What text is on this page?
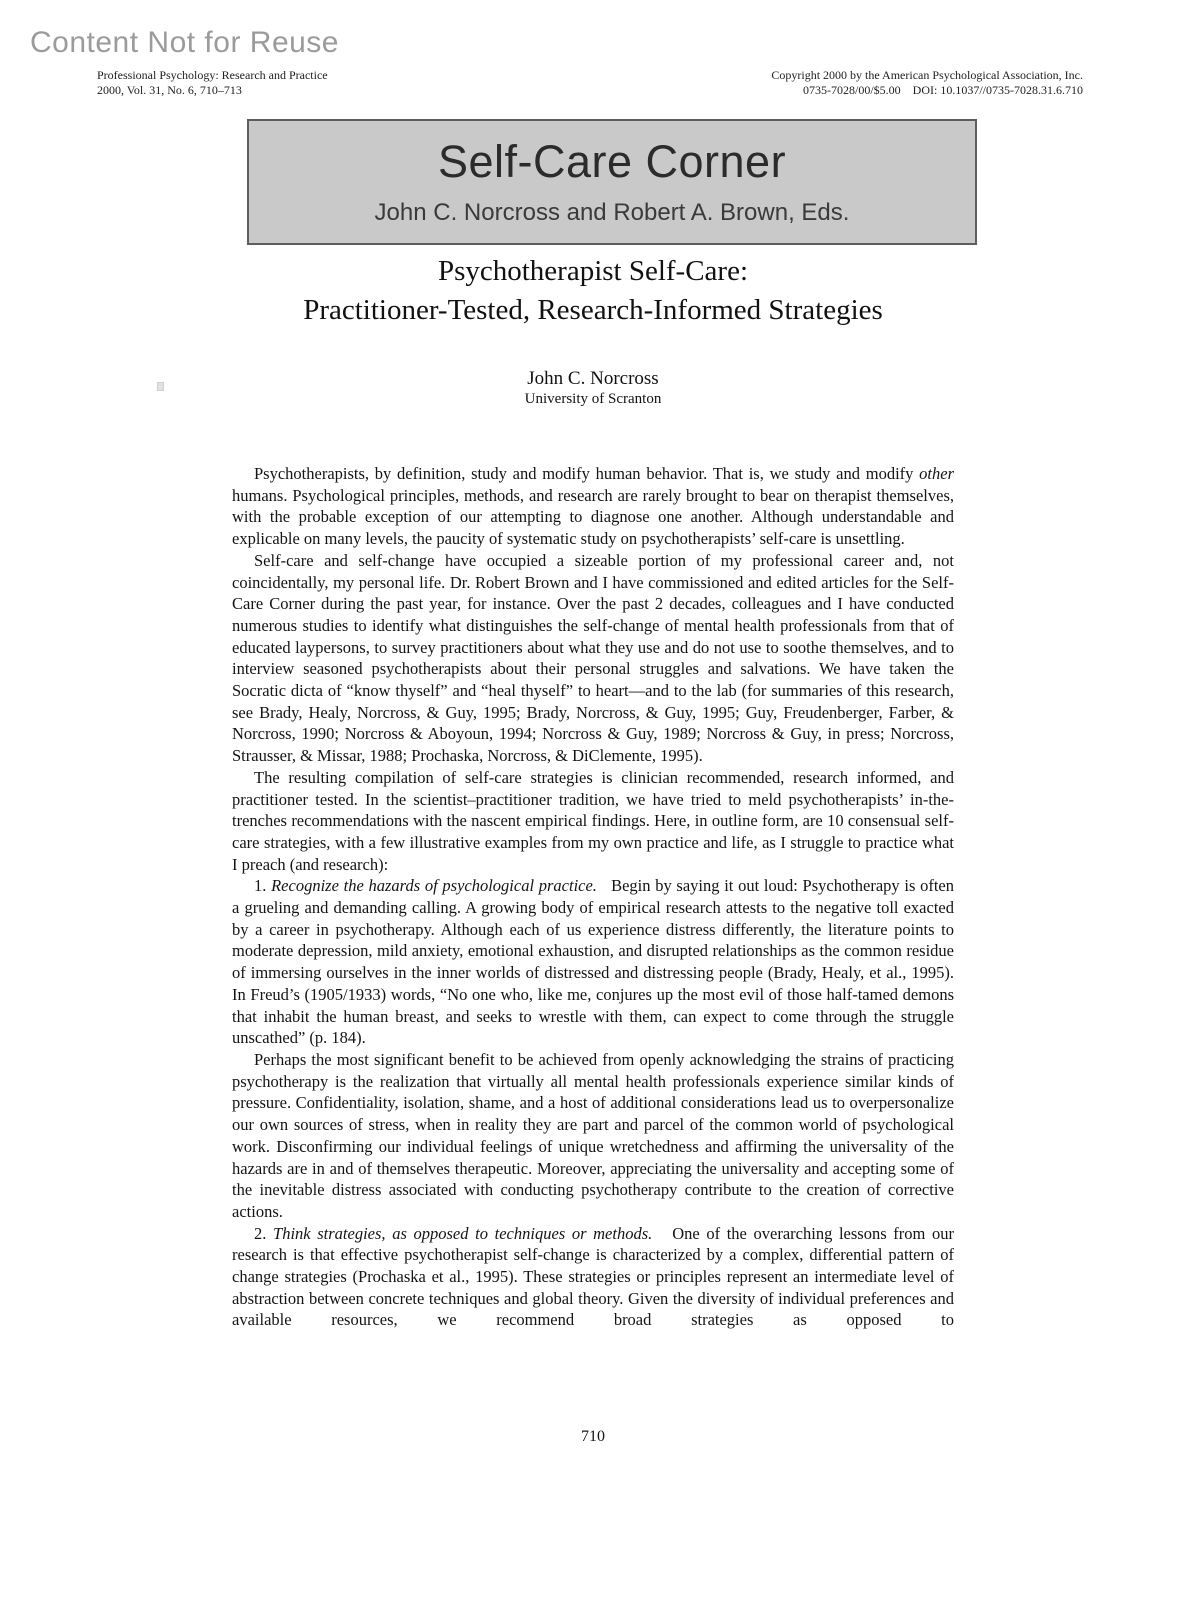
Content Not for Reuse
Professional Psychology: Research and Practice
2000, Vol. 31, No. 6, 710–713
Copyright 2000 by the American Psychological Association, Inc.
0735-7028/00/$5.00  DOI: 10.1037//0735-7028.31.6.710
Self-Care Corner
John C. Norcross and Robert A. Brown, Eds.
Psychotherapist Self-Care:
Practitioner-Tested, Research-Informed Strategies
John C. Norcross
University of Scranton

Psychotherapists, by definition, study and modify human behavior. That is, we study and modify other humans. Psychological principles, methods, and research are rarely brought to bear on therapist themselves, with the probable exception of our attempting to diagnose one another. Although understandable and explicable on many levels, the paucity of systematic study on psychotherapists’ self-care is unsettling.

Self-care and self-change have occupied a sizeable portion of my professional career and, not coincidentally, my personal life. Dr. Robert Brown and I have commissioned and edited articles for the Self-Care Corner during the past year, for instance. Over the past 2 decades, colleagues and I have conducted numerous studies to identify what distinguishes the self-change of mental health professionals from that of educated laypersons, to survey practitioners about what they use and do not use to soothe themselves, and to interview seasoned psychotherapists about their personal struggles and salvations. We have taken the Socratic dicta of “know thyself” and “heal thyself” to heart—and to the lab (for summaries of this research, see Brady, Healy, Norcross, & Guy, 1995; Brady, Norcross, & Guy, 1995; Guy, Freudenberger, Farber, & Norcross, 1990; Norcross & Aboyoun, 1994; Norcross & Guy, 1989; Norcross & Guy, in press; Norcross, Strausser, & Missar, 1988; Prochaska, Norcross, & DiClemente, 1995).

The resulting compilation of self-care strategies is clinician recommended, research informed, and practitioner tested. In the scientist–practitioner tradition, we have tried to meld psychotherapists’ in-the-trenches recommendations with the nascent empirical findings. Here, in outline form, are 10 consensual self-care strategies, with a few illustrative examples from my own practice and life, as I struggle to practice what I preach (and research):

1. Recognize the hazards of psychological practice.   Begin by saying it out loud: Psychotherapy is often a grueling and demanding calling. A growing body of empirical research attests to the negative toll exacted by a career in psychotherapy. Although each of us experience distress differently, the literature points to moderate depression, mild anxiety, emotional exhaustion, and disrupted relationships as the common residue of immersing ourselves in the inner worlds of distressed and distressing people (Brady, Healy, et al., 1995). In Freud’s (1905/1933) words, “No one who, like me, conjures up the most evil of those half-tamed demons that inhabit the human breast, and seeks to wrestle with them, can expect to come through the struggle unscathed” (p. 184).

Perhaps the most significant benefit to be achieved from openly acknowledging the strains of practicing psychotherapy is the realization that virtually all mental health professionals experience similar kinds of pressure. Confidentiality, isolation, shame, and a host of additional considerations lead us to overpersonalize our own sources of stress, when in reality they are part and parcel of the common world of psychological work. Disconfirming our individual feelings of unique wretchedness and affirming the universality of the hazards are in and of themselves therapeutic. Moreover, appreciating the universality and accepting some of the inevitable distress associated with conducting psychotherapy contribute to the creation of corrective actions.

2. Think strategies, as opposed to techniques or methods.   One of the overarching lessons from our research is that effective psychotherapist self-change is characterized by a complex, differential pattern of change strategies (Prochaska et al., 1995). These strategies or principles represent an intermediate level of abstraction between concrete techniques and global theory. Given the diversity of individual preferences and available resources, we recommend broad strategies as opposed to

710
